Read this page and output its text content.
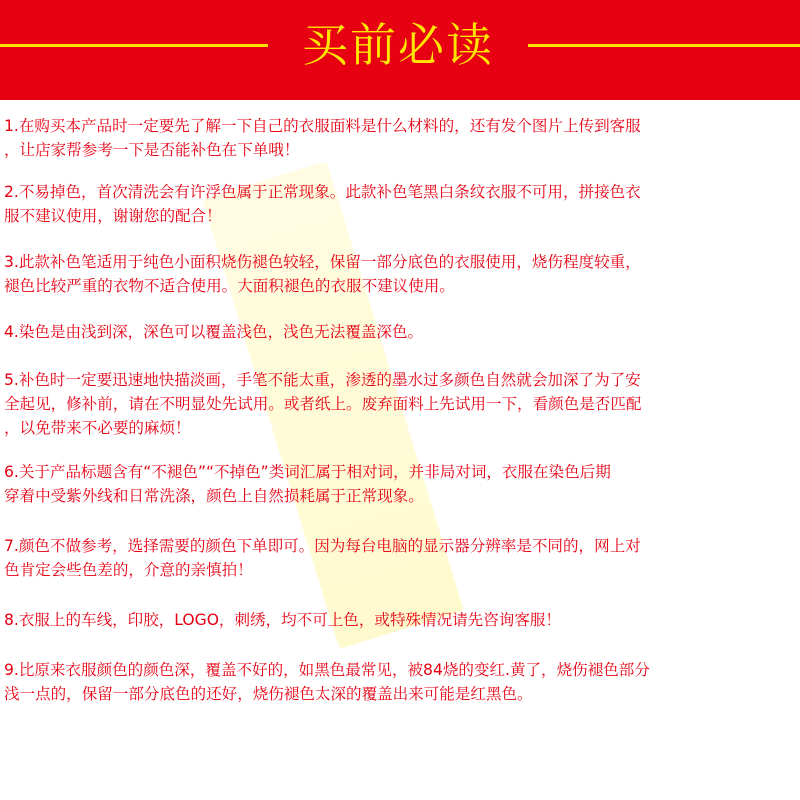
买前必读
1.在购买本产品时一定要先了解一下自己的衣服面料是什么材料的，还有发个图片上传到客服
，让店家帮参考一下是否能补色在下单哦！
2.不易掉色，首次清洗会有许浮色属于正常现象。此款补色笔黑白条纹衣服不可用，拼接色衣
服不建议使用，谢谢您的配合！
3.此款补色笔适用于纯色小面积烧伤褪色较轻，保留一部分底色的衣服使用，烧伤程度较重，
褪色比较严重的衣物不适合使用。大面积褪色的衣服不建议使用。
4.染色是由浅到深，深色可以覆盖浅色，浅色无法覆盖深色。
5.补色时一定要迅速地快描淡画，手笔不能太重，渗透的墨水过多颜色自然就会加深了为了安
全起见，修补前，请在不明显处先试用。或者纸上。废弃面料上先试用一下，看颜色是否匹配
，以免带来不必要的麻烦！
6.关于产品标题含有“不褪色”“不掉色”类词汇属于相对词，并非局对词，衣服在染色后期
穿着中受紫外线和日常洗涤，颜色上自然损耗属于正常现象。
7.颜色不做参考，选择需要的颜色下单即可。因为每台电脑的显示器分辨率是不同的，网上对
色肯定会些色差的，介意的亲慎拍！
8.衣服上的车线，印胶，LOGO，刺绣，均不可上色，或特殊情况请先咨询客服！
9.比原来衣服颜色的颜色深，覆盖不好的，如黑色最常见，被84烧的变红.黄了，烧伤褪色部分
浅一点的，保留一部分底色的还好，烧伤褪色太深的覆盖出来可能是红黑色。
